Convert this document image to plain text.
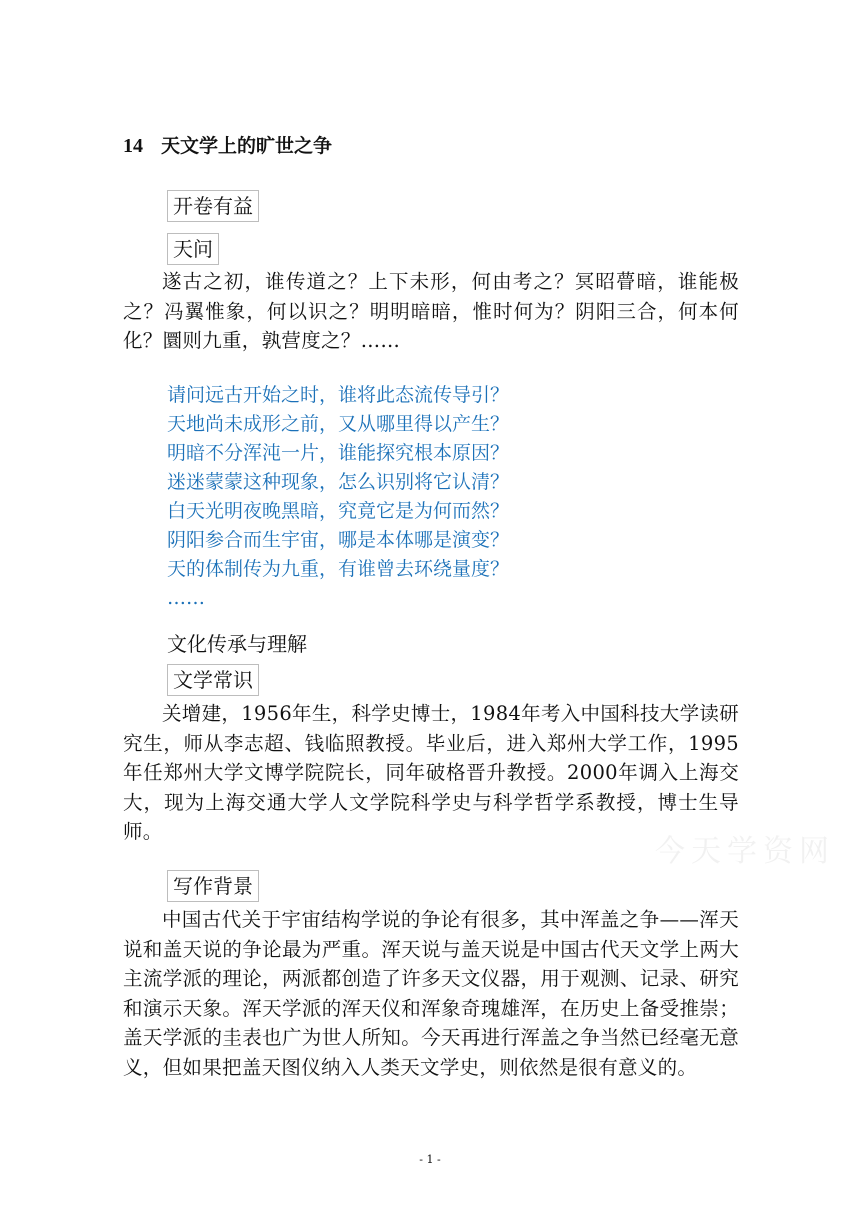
14 天文学上的旷世之争
开卷有益
天问

遂古之初，谁传道之？上下未形，何由考之？冥昭瞢暗，谁能极之？冯翼惟象，何以识之？明明暗暗，惟时何为？阴阳三合，何本何化？圜则九重，孰营度之？……

请问远古开始之时，谁将此态流传导引？
天地尚未成形之前，又从哪里得以产生？
明暗不分浑沌一片，谁能探究根本原因？
迷迷蒙蒙这种现象，怎么识别将它认清？
白天光明夜晚黑暗，究竟它是为何而然？
阴阳参合而生宇宙，哪是本体哪是演变？
天的体制传为九重，有谁曾去环绕量度？
……
文化传承与理解
文学常识

关增建，1956年生，科学史博士，1984年考入中国科技大学读研究生，师从李志超、钱临照教授。毕业后，进入郑州大学工作，1995年任郑州大学文博学院院长，同年破格晋升教授。2000年调入上海交大，现为上海交通大学人文学院科学史与科学哲学系教授，博士生导师。

今天学资网
写作背景

中国古代关于宇宙结构学说的争论有很多，其中浑盖之争——浑天说和盖天说的争论最为严重。浑天说与盖天说是中国古代天文学上两大主流学派的理论，两派都创造了许多天文仪器，用于观测、记录、研究和演示天象。浑天学派的浑天仪和浑象奇瑰雄浑，在历史上备受推崇；盖天学派的圭表也广为世人所知。今天再进行浑盖之争当然已经毫无意义，但如果把盖天图仪纳入人类天文学史，则依然是很有意义的。

- 1 -
